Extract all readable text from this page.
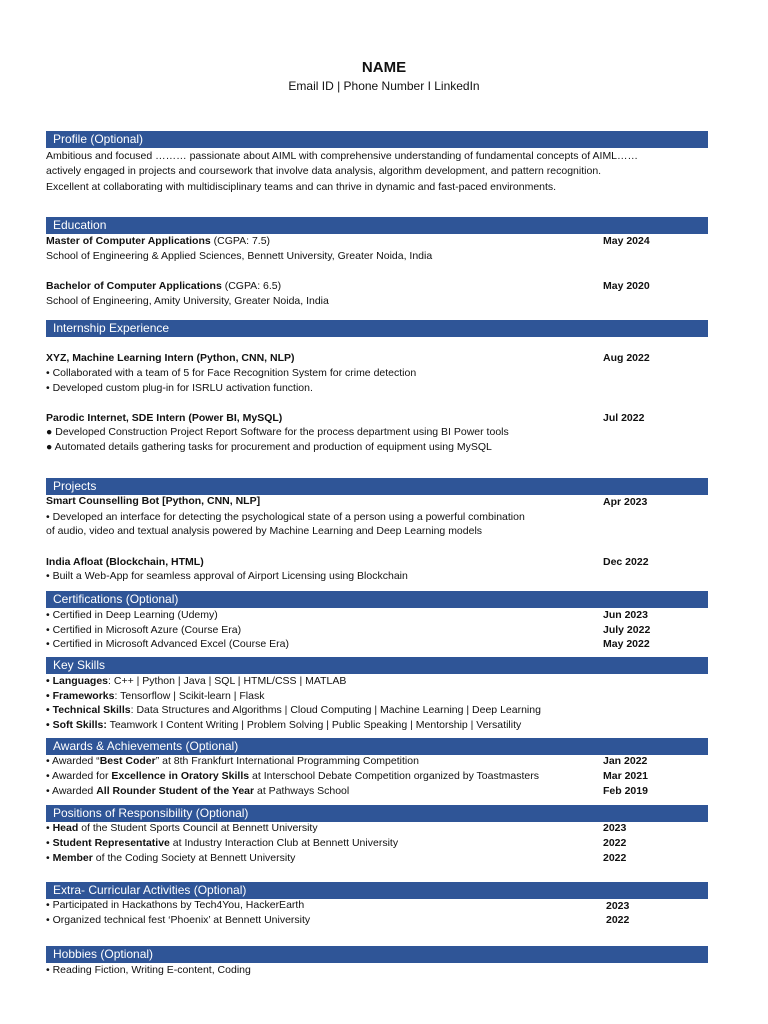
NAME
Email ID | Phone Number I LinkedIn
Profile (Optional)
Ambitious and focused ……… passionate about AIML with comprehensive understanding of fundamental concepts of AIML……
actively engaged in projects and coursework that involve data analysis, algorithm development, and pattern recognition.
Excellent at collaborating with multidisciplinary teams and can thrive in dynamic and fast-paced environments.
Education
Master of Computer Applications (CGPA: 7.5)	May 2024
School of Engineering & Applied Sciences, Bennett University, Greater Noida, India
Bachelor of Computer Applications (CGPA: 6.5)	May 2020
School of Engineering, Amity University, Greater Noida, India
Internship Experience
XYZ, Machine Learning Intern (Python, CNN, NLP)	Aug 2022
• Collaborated with a team of 5 for Face Recognition System for crime detection
• Developed custom plug-in for ISRLU activation function.
Parodic Internet, SDE Intern (Power BI, MySQL)	Jul 2022
● Developed Construction Project Report Software for the process department using BI Power tools
● Automated details gathering tasks for procurement and production of equipment using MySQL
Projects
Smart Counselling Bot [Python, CNN, NLP]	Apr 2023
• Developed an interface for detecting the psychological state of a person using a powerful combination
of audio, video and textual analysis powered by Machine Learning and Deep Learning models
India Afloat (Blockchain, HTML)	Dec 2022
• Built a Web-App for seamless approval of Airport Licensing using Blockchain
Certifications (Optional)
• Certified in Deep Learning (Udemy)	Jun 2023
• Certified in Microsoft Azure (Course Era)	July 2022
• Certified in Microsoft Advanced Excel (Course Era)	May 2022
Key Skills
• Languages: C++ | Python | Java | SQL | HTML/CSS | MATLAB
• Frameworks: Tensorflow | Scikit-learn | Flask
• Technical Skills: Data Structures and Algorithms | Cloud Computing | Machine Learning | Deep Learning
• Soft Skills: Teamwork I Content Writing | Problem Solving | Public Speaking | Mentorship | Versatility
Awards & Achievements (Optional)
• Awarded “Best Coder” at 8th Frankfurt International Programming Competition	Jan 2022
• Awarded for Excellence in Oratory Skills at Interschool Debate Competition organized by Toastmasters	Mar 2021
• Awarded All Rounder Student of the Year at Pathways School	Feb 2019
Positions of Responsibility (Optional)
• Head of the Student Sports Council at Bennett University	2023
• Student Representative at Industry Interaction Club at Bennett University	2022
• Member of the Coding Society at Bennett University	2022
Extra- Curricular Activities (Optional)
• Participated in Hackathons by Tech4You, HackerEarth	2023
• Organized technical fest ‘Phoenix’ at Bennett University	2022
Hobbies (Optional)
• Reading Fiction, Writing E-content, Coding
